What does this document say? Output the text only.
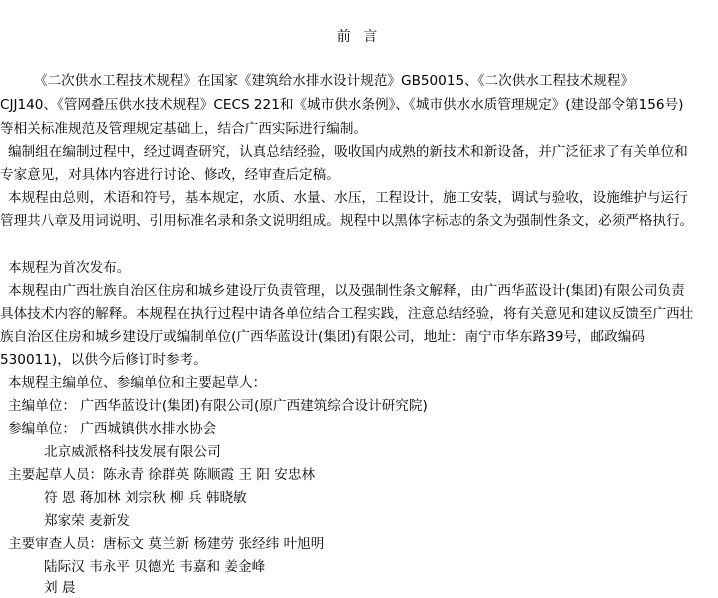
前 言
《二次供水工程技术规程》在国家《建筑给水排水设计规范》GB50015、《二次供水工程技术规程》
CJJ140、《管网叠压供水技术规程》CECS 221和《城市供水条例》、《城市供水水质管理规定》(建设部令第156号)
等相关标准规范及管理规定基础上，结合广西实际进行编制。
编制组在编制过程中，经过调查研究，认真总结经验，吸收国内成熟的新技术和新设备，并广泛征求了有关单位和
专家意见，对具体内容进行讨论、修改，经审查后定稿。
本规程由总则，术语和符号，基本规定，水质、水量、水压，工程设计，施工安装，调试与验收，设施维护与运行
管理共八章及用词说明、引用标准名录和条文说明组成。规程中以黑体字标志的条文为强制性条文，必须严格执行。
本规程为首次发布。
本规程由广西壮族自治区住房和城乡建设厅负责管理，以及强制性条文解释，由广西华蓝设计(集团)有限公司负责
具体技术内容的解释。本规程在执行过程中请各单位结合工程实践，注意总结经验，将有关意见和建议反馈至广西壮
族自治区住房和城乡建设厅或编制单位(广西华蓝设计(集团)有限公司，地址：南宁市华东路39号，邮政编码
530011)，以供今后修订时参考。
本规程主编单位、参编单位和主要起草人：
主编单位： 广西华蓝设计(集团)有限公司(原广西建筑综合设计研究院)
参编单位： 广西城镇供水排水协会
北京威派格科技发展有限公司
主要起草人员：陈永青 徐群英 陈顺霞 王 阳 安忠林
符 恩 蒋加林 刘宗秋 柳 兵 韩晓敏
郑家荣 麦新发
主要审查人员：唐标文 莫兰新 杨建劳 张经纬 叶旭明
陆际汉 韦永平 贝德光 韦嘉和 姜金峰
刘 晨
